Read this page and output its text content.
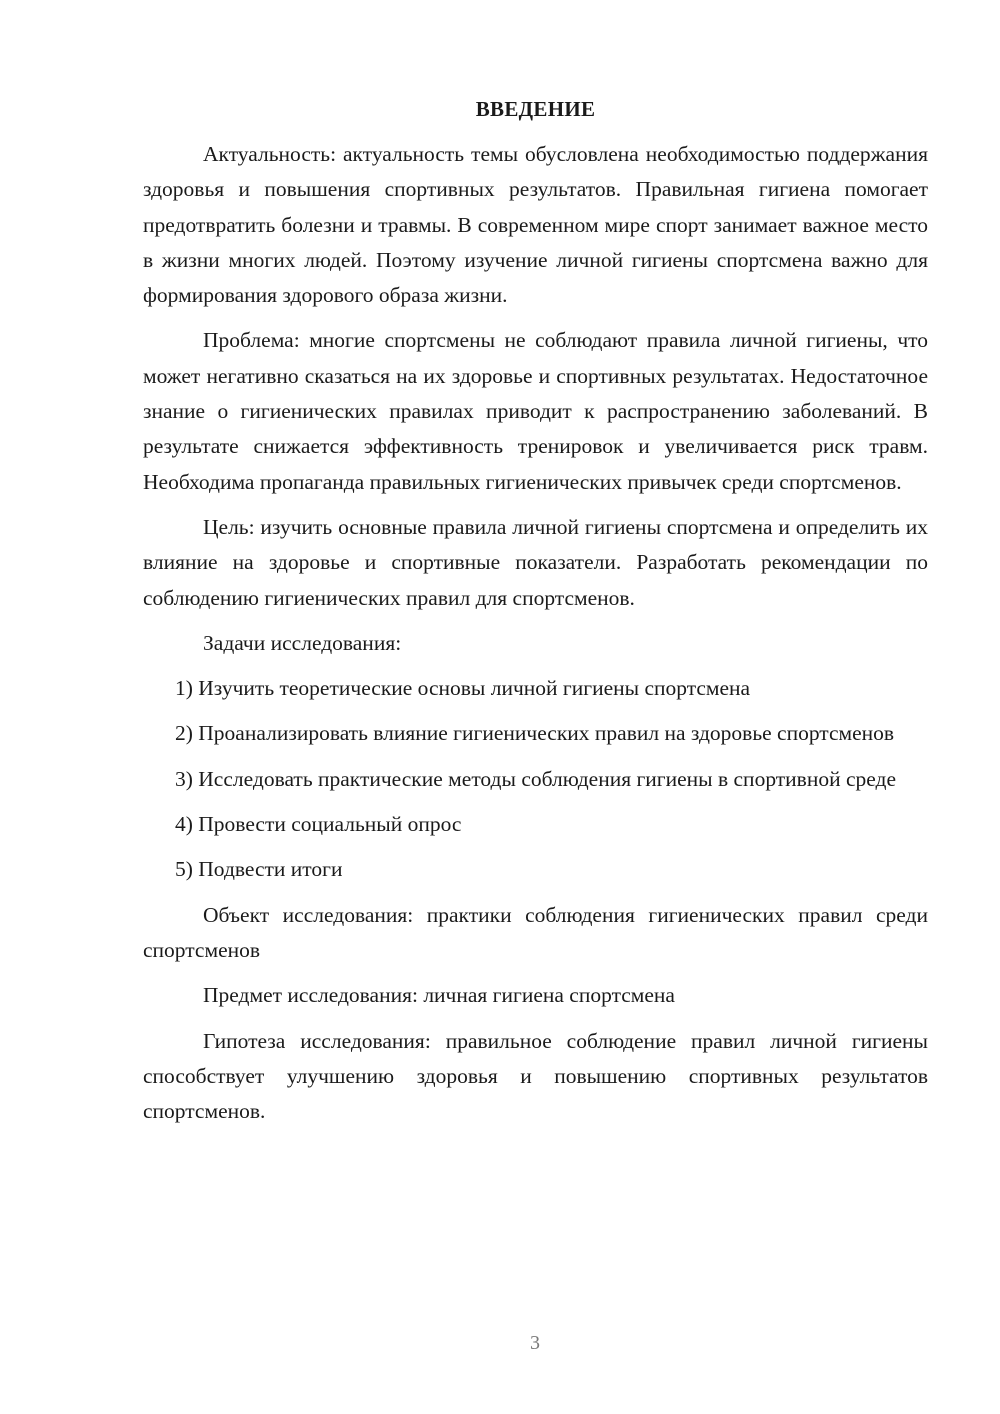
ВВЕДЕНИЕ

Актуальность: актуальность темы обусловлена необходимостью поддержания здоровья и повышения спортивных результатов. Правильная гигиена помогает предотвратить болезни и травмы. В современном мире спорт занимает важное место в жизни многих людей. Поэтому изучение личной гигиены спортсмена важно для формирования здорового образа жизни.

Проблема: многие спортсмены не соблюдают правила личной гигиены, что может негативно сказаться на их здоровье и спортивных результатах. Недостаточное знание о гигиенических правилах приводит к распространению заболеваний. В результате снижается эффективность тренировок и увеличивается риск травм. Необходима пропаганда правильных гигиенических привычек среди спортсменов.

Цель: изучить основные правила личной гигиены спортсмена и определить их влияние на здоровье и спортивные показатели. Разработать рекомендации по соблюдению гигиенических правил для спортсменов.

Задачи исследования:

1) Изучить теоретические основы личной гигиены спортсмена

2) Проанализировать влияние гигиенических правил на здоровье спортсменов

3) Исследовать практические методы соблюдения гигиены в спортивной среде

4) Провести социальный опрос

5) Подвести итоги

Объект исследования: практики соблюдения гигиенических правил среди спортсменов

Предмет исследования: личная гигиена спортсмена

Гипотеза исследования: правильное соблюдение правил личной гигиены способствует улучшению здоровья и повышению спортивных результатов спортсменов.

3
